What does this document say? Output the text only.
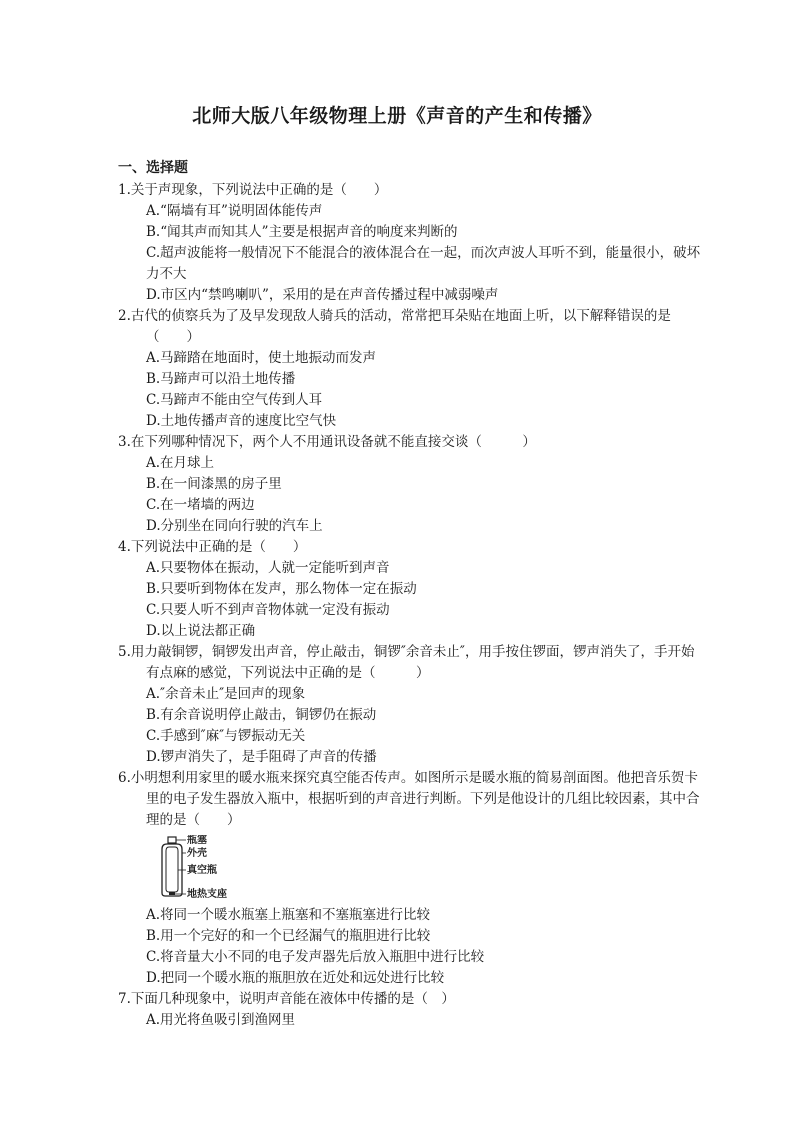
北师大版八年级物理上册《声音的产生和传播》
一、选择题
1.关于声现象，下列说法中正确的是（　　）
A.“隔墙有耳”说明固体能传声
B.“闻其声而知其人”主要是根据声音的响度来判断的
C.超声波能将一般情况下不能混合的液体混合在一起，而次声波人耳听不到，能量很小，破坏力不大
D.市区内“禁鸣喇叭”，采用的是在声音传播过程中减弱噪声
2.古代的侦察兵为了及早发现敌人骑兵的活动，常常把耳朵贴在地面上听，以下解释错误的是（　　）
A.马蹄踏在地面时，使土地振动而发声
B.马蹄声可以沿土地传播
C.马蹄声不能由空气传到人耳
D.土地传播声音的速度比空气快
3.在下列哪种情况下，两个人不用通讯设备就不能直接交谈（　　　）
A.在月球上
B.在一间漆黑的房子里
C.在一堵墙的两边
D.分别坐在同向行驶的汽车上
4.下列说法中正确的是（　　）
A.只要物体在振动，人就一定能听到声音
B.只要听到物体在发声，那么物体一定在振动
C.只要人听不到声音物体就一定没有振动
D.以上说法都正确
5.用力敲铜锣，铜锣发出声音，停止敲击，铜锣″余音未止″，用手按住锣面，锣声消失了，手开始有点麻的感觉，下列说法中正确的是（　　　）
A.″余音未止″是回声的现象
B.有余音说明停止敲击，铜锣仍在振动
C.手感到″麻″与锣振动无关
D.锣声消失了，是手阻碍了声音的传播
6.小明想利用家里的暖水瓶来探究真空能否传声。如图所示是暖水瓶的简易剖面图。他把音乐贺卡里的电子发生器放入瓶中，根据听到的声音进行判断。下列是他设计的几组比较因素，其中合理的是（　　）
瓶塞
外壳
真空瓶
地热支座
A.将同一个暖水瓶塞上瓶塞和不塞瓶塞进行比较
B.用一个完好的和一个已经漏气的瓶胆进行比较
C.将音量大小不同的电子发声器先后放入瓶胆中进行比较
D.把同一个暖水瓶的瓶胆放在近处和远处进行比较
7.下面几种现象中，说明声音能在液体中传播的是（　）
A.用光将鱼吸引到渔网里
